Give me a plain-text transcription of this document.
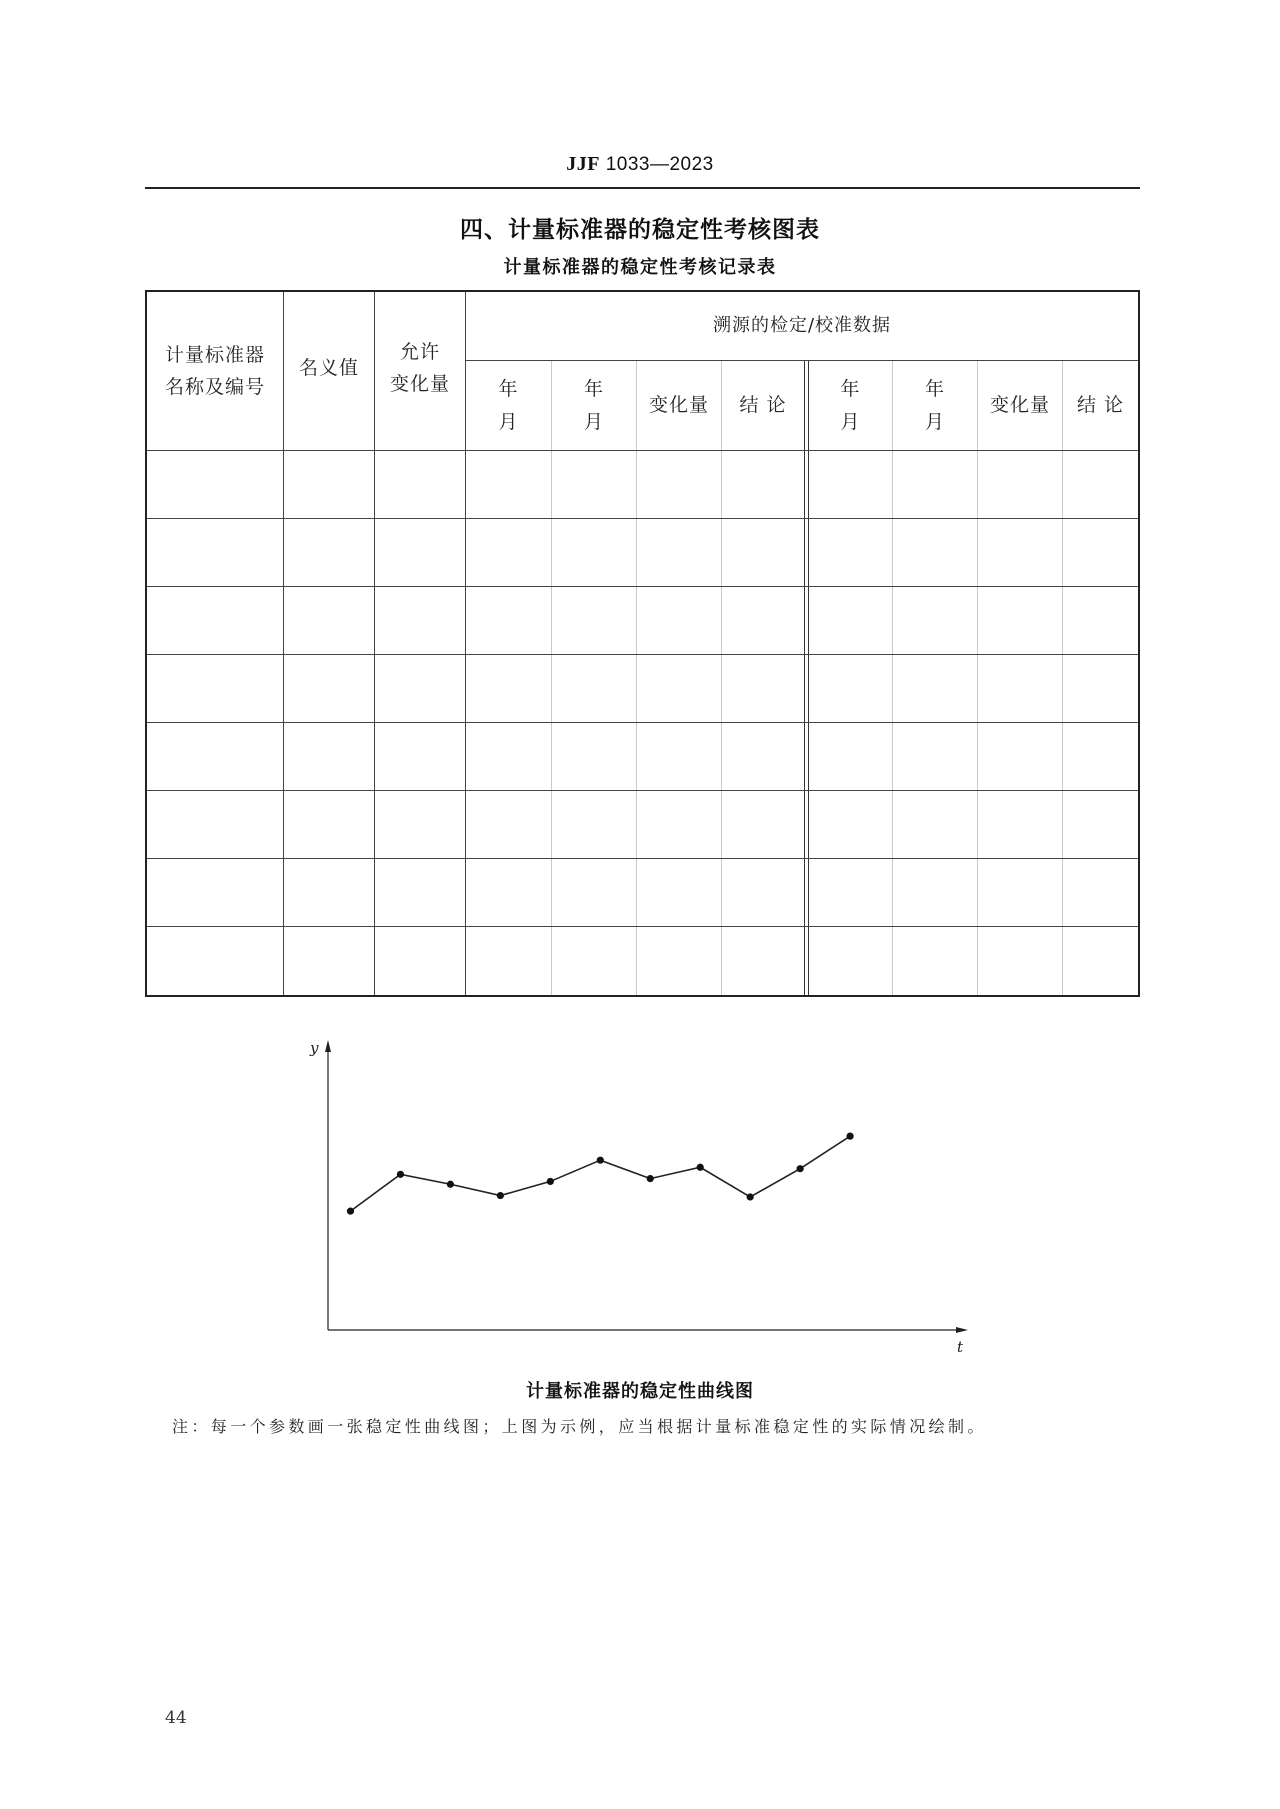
JJF 1033—2023
四、计量标准器的稳定性考核图表
计量标准器的稳定性考核记录表
计量标准器
名称及编号
名义值
允许
变化量
溯源的检定/校准数据
年
月
年
月
变化量	结 论
年
月
年
月
变化量	结 论
y
t
计量标准器的稳定性曲线图
注：每一个参数画一张稳定性曲线图；上图为示例，应当根据计量标准稳定性的实际情况绘制。
44
